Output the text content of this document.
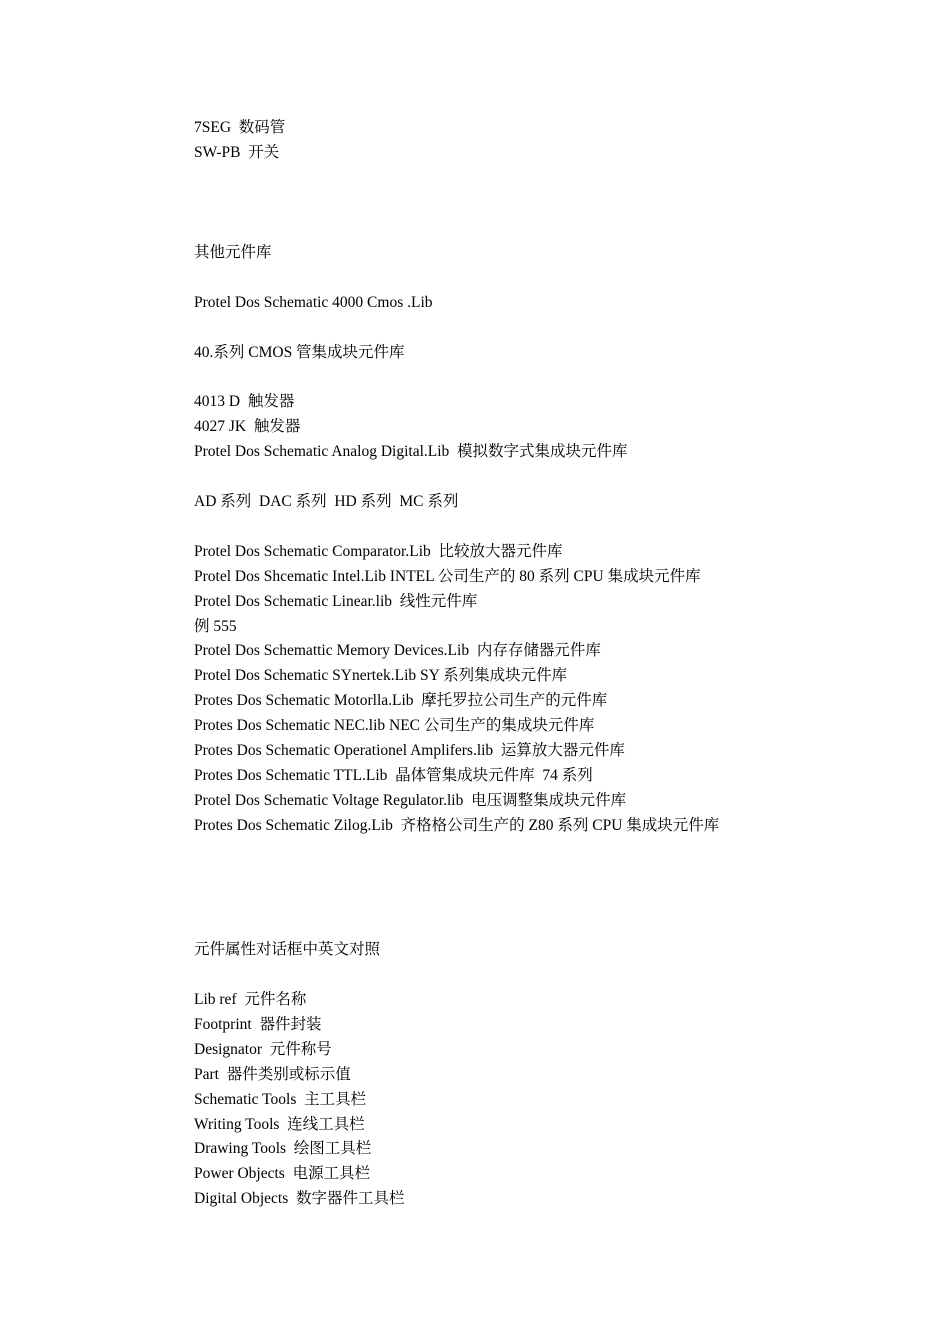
7SEG  数码管

SW-PB  开关

其他元件库

Protel Dos Schematic 4000 Cmos .Lib

40.系列 CMOS 管集成块元件库

4013 D  触发器

4027 JK  触发器

Protel Dos Schematic Analog Digital.Lib  模拟数字式集成块元件库

AD 系列  DAC 系列  HD 系列  MC 系列

Protel Dos Schematic Comparator.Lib  比较放大器元件库

Protel Dos Shcematic Intel.Lib INTEL 公司生产的 80 系列 CPU 集成块元件库

Protel Dos Schematic Linear.lib  线性元件库

例 555

Protel Dos Schemattic Memory Devices.Lib  内存存储器元件库

Protel Dos Schematic SYnertek.Lib SY 系列集成块元件库

Protes Dos Schematic Motorlla.Lib  摩托罗拉公司生产的元件库

Protes Dos Schematic NEC.lib NEC 公司生产的集成块元件库

Protes Dos Schematic Operationel Amplifers.lib  运算放大器元件库

Protes Dos Schematic TTL.Lib  晶体管集成块元件库  74 系列

Protel Dos Schematic Voltage Regulator.lib  电压调整集成块元件库

Protes Dos Schematic Zilog.Lib  齐格格公司生产的 Z80 系列 CPU 集成块元件库

元件属性对话框中英文对照

Lib ref  元件名称

Footprint  器件封装

Designator  元件称号

Part  器件类别或标示值

Schematic Tools  主工具栏

Writing Tools  连线工具栏

Drawing Tools  绘图工具栏

Power Objects  电源工具栏

Digital Objects  数字器件工具栏
